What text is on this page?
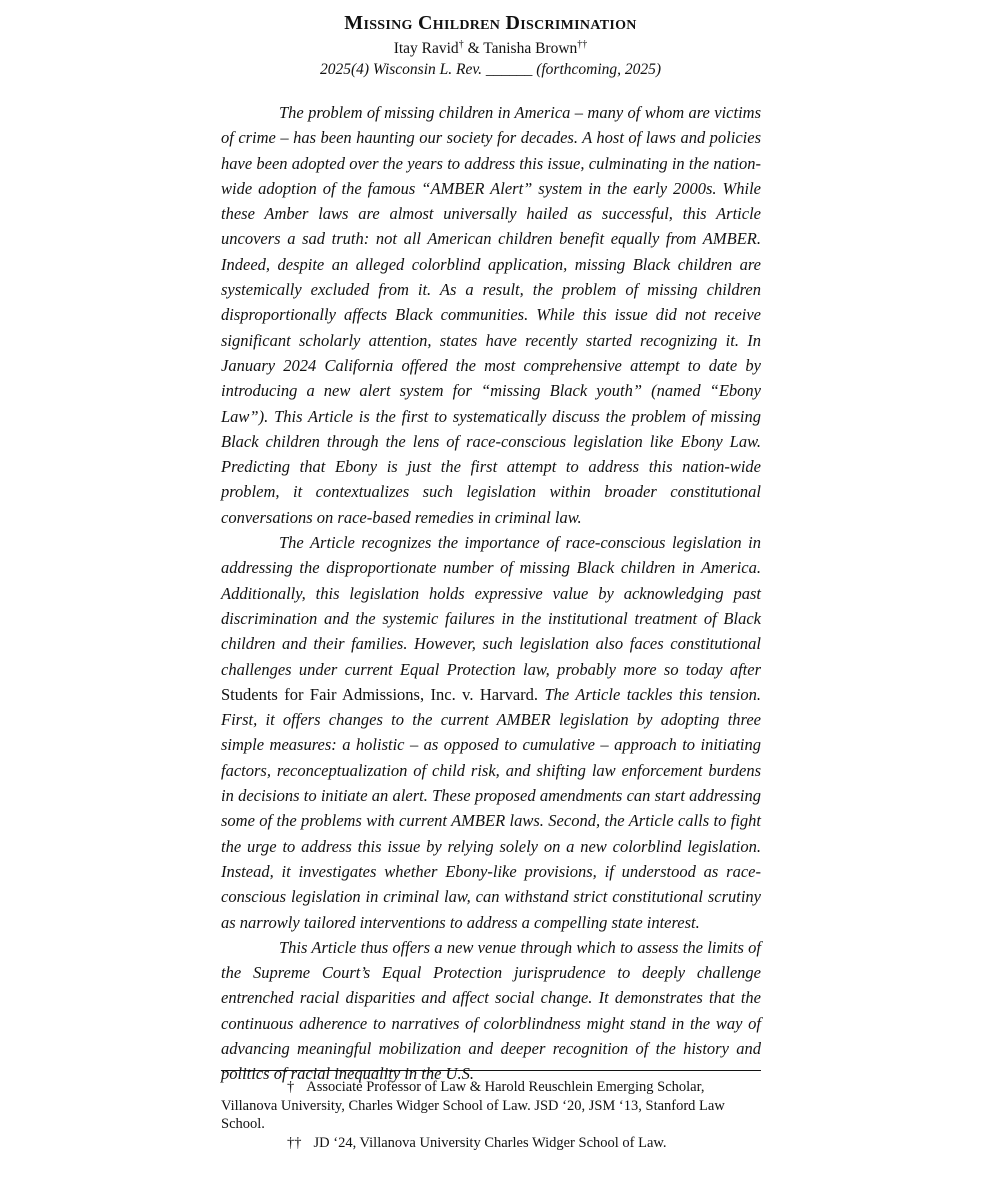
Missing Children Discrimination
Itay Ravid† & Tanisha Brown††
2025(4) Wisconsin L. Rev. ______ (forthcoming, 2025)

The problem of missing children in America – many of whom are victims of crime – has been haunting our society for decades. A host of laws and policies have been adopted over the years to address this issue, culminating in the nation-wide adoption of the famous “AMBER Alert” system in the early 2000s. While these Amber laws are almost universally hailed as successful, this Article uncovers a sad truth: not all American children benefit equally from AMBER. Indeed, despite an alleged colorblind application, missing Black children are systemically excluded from it. As a result, the problem of missing children disproportionally affects Black communities. While this issue did not receive significant scholarly attention, states have recently started recognizing it. In January 2024 California offered the most comprehensive attempt to date by introducing a new alert system for “missing Black youth” (named “Ebony Law”). This Article is the first to systematically discuss the problem of missing Black children through the lens of race-conscious legislation like Ebony Law. Predicting that Ebony is just the first attempt to address this nation-wide problem, it contextualizes such legislation within broader constitutional conversations on race-based remedies in criminal law.

The Article recognizes the importance of race-conscious legislation in addressing the disproportionate number of missing Black children in America. Additionally, this legislation holds expressive value by acknowledging past discrimination and the systemic failures in the institutional treatment of Black children and their families. However, such legislation also faces constitutional challenges under current Equal Protection law, probably more so today after Students for Fair Admissions, Inc. v. Harvard. The Article tackles this tension. First, it offers changes to the current AMBER legislation by adopting three simple measures: a holistic – as opposed to cumulative – approach to initiating factors, reconceptualization of child risk, and shifting law enforcement burdens in decisions to initiate an alert. These proposed amendments can start addressing some of the problems with current AMBER laws. Second, the Article calls to fight the urge to address this issue by relying solely on a new colorblind legislation. Instead, it investigates whether Ebony-like provisions, if understood as race-conscious legislation in criminal law, can withstand strict constitutional scrutiny as narrowly tailored interventions to address a compelling state interest.

This Article thus offers a new venue through which to assess the limits of the Supreme Court’s Equal Protection jurisprudence to deeply challenge entrenched racial disparities and affect social change. It demonstrates that the continuous adherence to narratives of colorblindness might stand in the way of advancing meaningful mobilization and deeper recognition of the history and politics of racial inequality in the U.S.

† Associate Professor of Law & Harold Reuschlein Emerging Scholar, Villanova University, Charles Widger School of Law. JSD ‘20, JSM ‘13, Stanford Law School.

†† JD ‘24, Villanova University Charles Widger School of Law.
